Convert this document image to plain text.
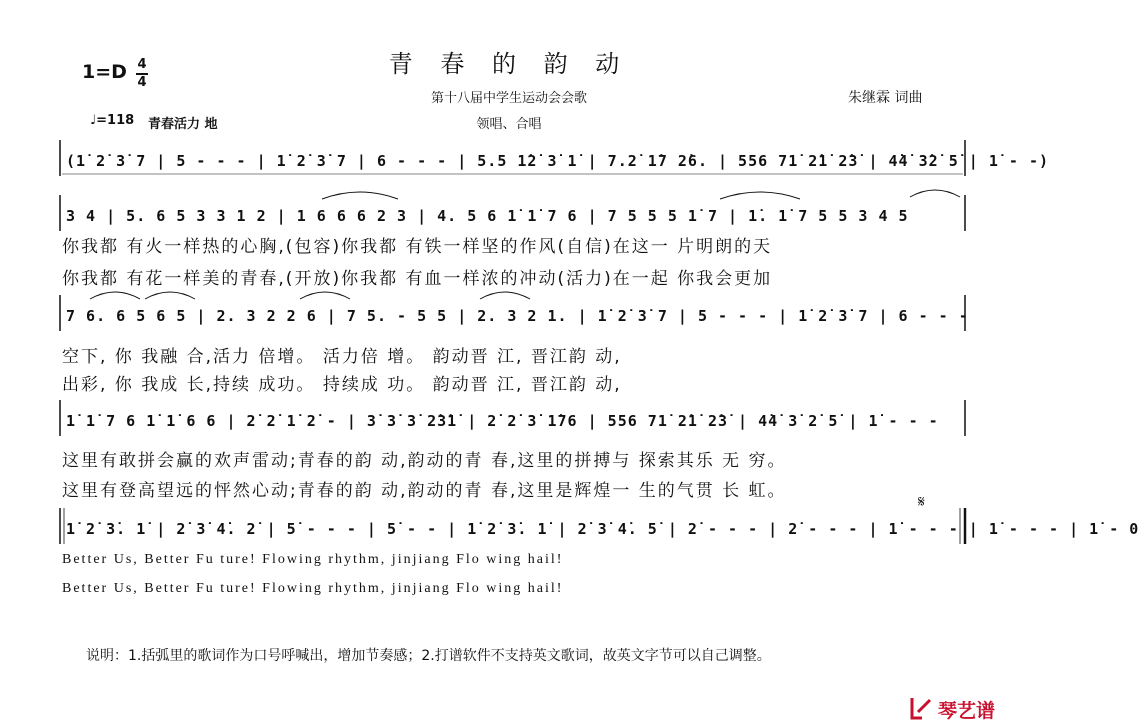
青 春 的 韵 动
第十八届中学生运动会会歌
领唱、合唱
1=D 4
4
朱继霖 词曲
♩=118 青春活力 地
(1̇ 2̇ 3̇ 7 | 5 - - - | 1̇ 2̇ 3̇ 7 | 6 - - - | 5.5 1̇2̇ 3̇ 1̇ | 7.2̇ 1̇7 2̇6. | 556 71̇ 2̇1̇ 2̇3̇ | 4̇4̇ 3̇2̇ 5̇ | 1̇ - -)
3 4 | 5. 6 5 3 3 1 2 | 1 6 6 6 2 3 | 4. 5 6 1̇ 1̇ 7 6 | 7 5 5 5 1̇ 7 | 1̇. 1̇ 7 5 5 3 4 5
你我都 有火一样热的心胸,(包容)你我都 有铁一样坚的作风(自信)在这一 片明朗的天
你我都 有花一样美的青春,(开放)你我都 有血一样浓的冲动(活力)在一起 你我会更加
7 6. 6 5 6 5 | 2. 3 2 2 6 | 7 5. - 5 5 | 2. 3 2 1. | 1̇ 2̇ 3̇ 7 | 5 - - - | 1̇ 2̇ 3̇ 7 | 6 - - -
空下, 你 我融 合,活力 倍增。 活力倍 增。 韵动晋 江, 晋江韵 动,
出彩, 你 我成 长,持续 成功。 持续成 功。 韵动晋 江, 晋江韵 动,
1̇ 1̇ 7 6 1̇ 1̇ 6 6 | 2̇ 2̇ 1̇ 2̇ - | 3̇ 3̇ 3̇ 2̇3̇1̇ | 2̇ 2̇ 3̇ 1̇76 | 556 71̇ 2̇1̇ 2̇3̇ | 4̇4̇ 3̇ 2̇ 5̇ | 1̇ - - -
这里有敢拼会赢的欢声雷动;青春的韵 动,韵动的青 春,这里的拼搏与 探索其乐 无 穷。
这里有登高望远的怦然心动;青春的韵 动,韵动的青 春,这里是辉煌一 生的气贯 长 虹。
𝄋
1̇ 2̇ 3̇. 1̇ | 2̇ 3̇ 4̇. 2̇ | 5̇ - - - | 5̇ - - | 1̇ 2̇ 3̇. 1̇ | 2̇ 3̇ 4̇. 5̇ | 2̇ - - - | 2̇ - - - | 1̇ - - - | 1̇ - - - | 1̇ - 0
Better Us, Better Fu ture! Flowing rhythm, jinjiang Flo wing hail!
Better Us, Better Fu ture! Flowing rhythm, jinjiang Flo wing hail!
说明：1.括弧里的歌词作为口号呼喊出，增加节奏感；2.打谱软件不支持英文歌词，故英文字节可以自己调整。
琴艺谱
